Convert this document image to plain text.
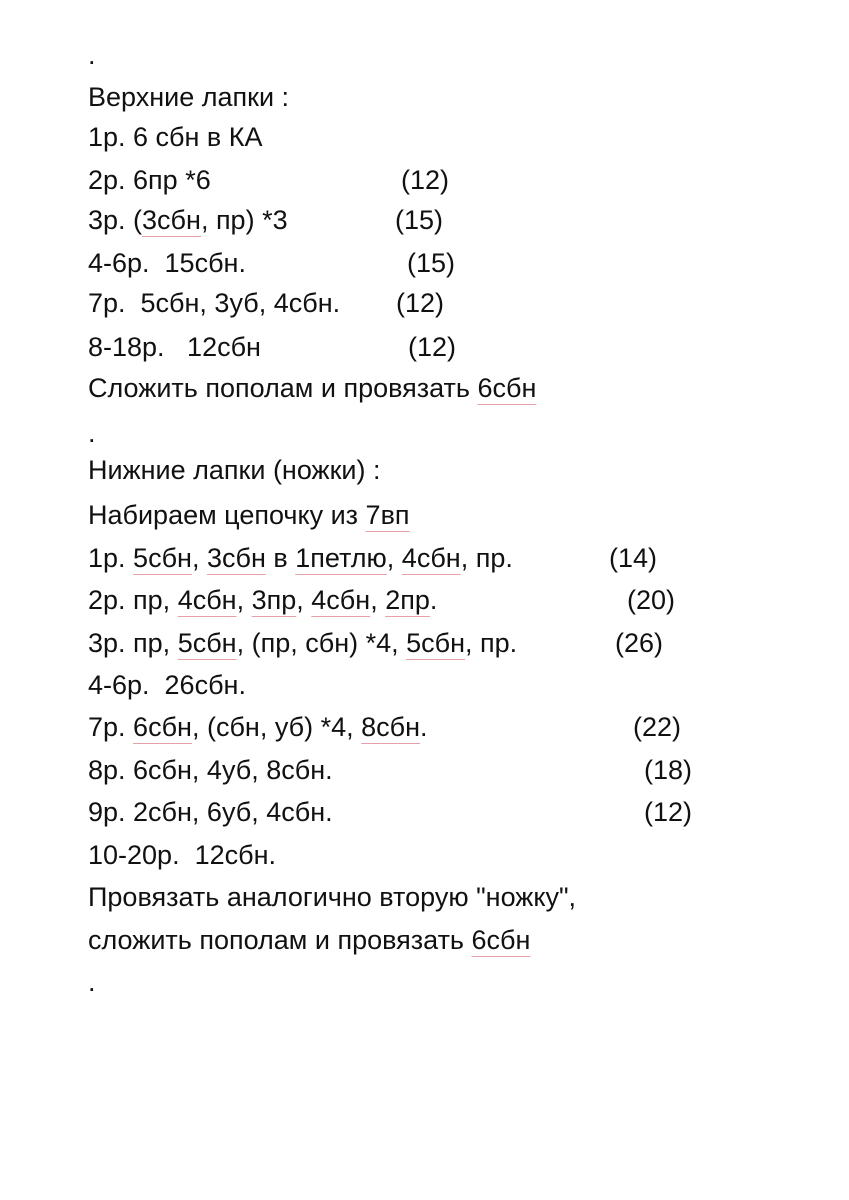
.
Верхние лапки :
1р. 6 сбн в КА
2р. 6пр *6	(12)
3р. (3сбн, пр) *3	(15)
4-6р.  15сбн.	(15)
7р.  5сбн, 3уб, 4сбн. (12)
8-18р.   12сбн	(12)
Сложить пополам и провязать 6сбн
.
Нижние лапки (ножки) :
Набираем цепочку из 7вп
1р. 5сбн, 3сбн в 1петлю, 4сбн, пр.	(14)
2р. пр, 4сбн, 3пр, 4сбн, 2пр.	(20)
3р. пр, 5сбн, (пр, сбн) *4, 5сбн, пр.	(26)
4-6р.  26сбн.
7р. 6сбн, (сбн, уб) *4, 8сбн.	(22)
8р. 6сбн, 4уб, 8сбн.	(18)
9р. 2сбн, 6уб, 4сбн.	(12)
10-20р.  12сбн.
Провязать аналогично вторую "ножку",
сложить пополам и провязать 6сбн
.
